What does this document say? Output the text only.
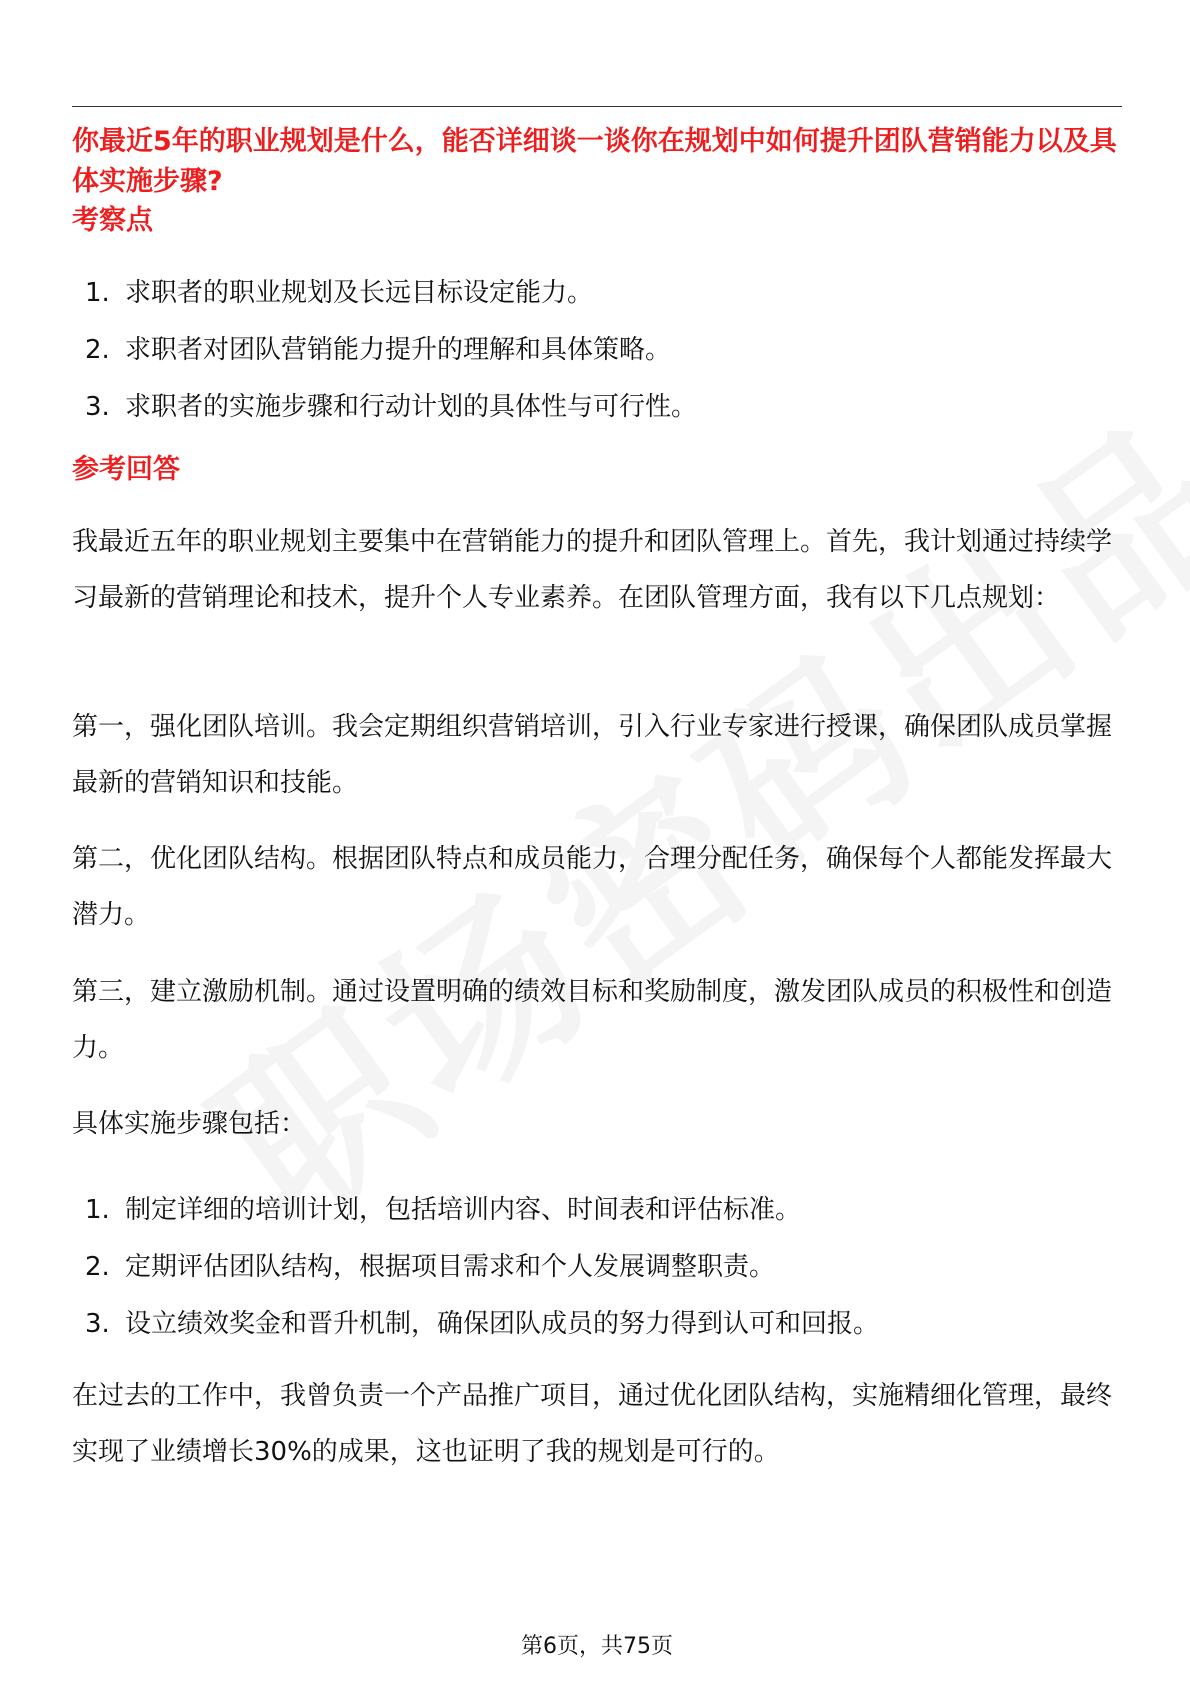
你最近5年的职业规划是什么，能否详细谈一谈你在规划中如何提升团队营销能力以及具体实施步骤?
考察点
1. 求职者的职业规划及长远目标设定能力。
2. 求职者对团队营销能力提升的理解和具体策略。
3. 求职者的实施步骤和行动计划的具体性与可行性。
参考回答

我最近五年的职业规划主要集中在营销能力的提升和团队管理上。首先，我计划通过持续学习最新的营销理论和技术，提升个人专业素养。在团队管理方面，我有以下几点规划：

第一，强化团队培训。我会定期组织营销培训，引入行业专家进行授课，确保团队成员掌握最新的营销知识和技能。

第二，优化团队结构。根据团队特点和成员能力，合理分配任务，确保每个人都能发挥最大潜力。

第三，建立激励机制。通过设置明确的绩效目标和奖励制度，激发团队成员的积极性和创造力。

具体实施步骤包括：

1. 制定详细的培训计划，包括培训内容、时间表和评估标准。
2. 定期评估团队结构，根据项目需求和个人发展调整职责。
3. 设立绩效奖金和晋升机制，确保团队成员的努力得到认可和回报。

在过去的工作中，我曾负责一个产品推广项目，通过优化团队结构，实施精细化管理，最终实现了业绩增长30%的成果，这也证明了我的规划是可行的。

第6页，共75页
